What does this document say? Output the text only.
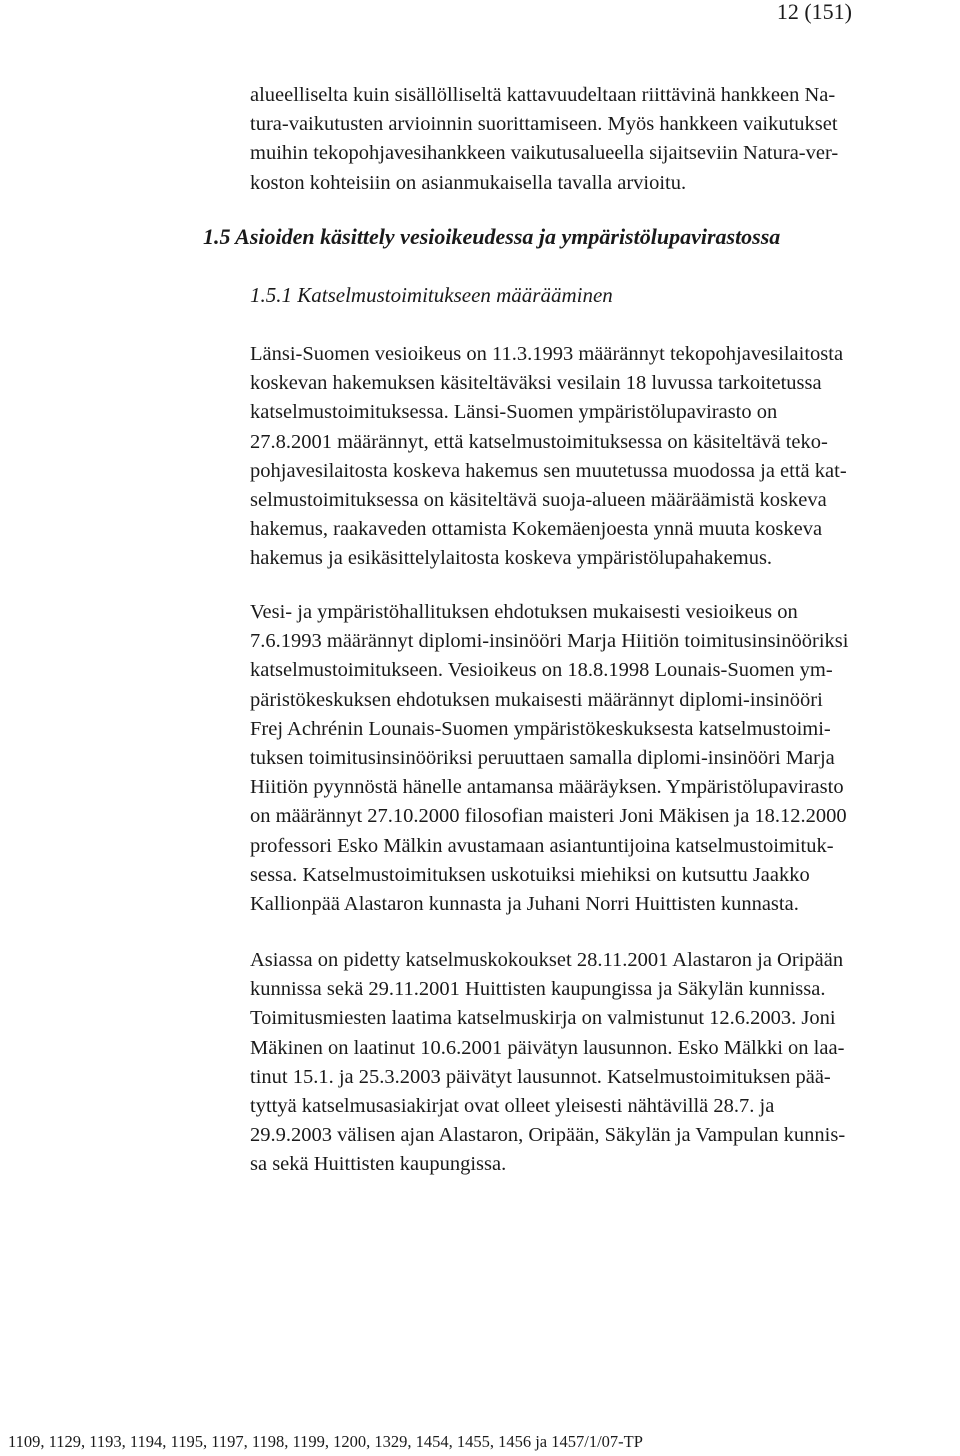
12 (151)

alueelliselta kuin sisällölliseltä kattavuudeltaan riittävinä hankkeen Na-
tura-vaikutusten arvioinnin suorittamiseen. Myös hankkeen vaikutukset
muihin tekopohjavesihankkeen vaikutusalueella sijaitseviin Natura-ver-
koston kohteisiin on asianmukaisella tavalla arvioitu.

1.5 Asioiden käsittely vesioikeudessa ja ympäristölupavirastossa
1.5.1 Katselmustoimitukseen määrääminen

Länsi-Suomen vesioikeus on 11.3.1993 määrännyt tekopohjavesilaitosta
koskevan hakemuksen käsiteltäväksi vesilain 18 luvussa tarkoitetussa
katselmustoimituksessa. Länsi-Suomen ympäristölupavirasto on
27.8.2001 määrännyt, että katselmustoimituksessa on käsiteltävä teko-
pohjavesilaitosta koskeva hakemus sen muutetussa muodossa ja että kat-
selmustoimituksessa on käsiteltävä suoja-alueen määräämistä koskeva
hakemus, raakaveden ottamista Kokemäenjoesta ynnä muuta koskeva
hakemus ja esikäsittelylaitosta koskeva ympäristölupahakemus.

Vesi- ja ympäristöhallituksen ehdotuksen mukaisesti vesioikeus on
7.6.1993 määrännyt diplomi-insinööri Marja Hiitiön toimitusinsinööriksi
katselmustoimitukseen. Vesioikeus on 18.8.1998 Lounais-Suomen ym-
päristökeskuksen ehdotuksen mukaisesti määrännyt diplomi-insinööri
Frej Achrénin Lounais-Suomen ympäristökeskuksesta katselmustoimi-
tuksen toimitusinsinööriksi peruuttaen samalla diplomi-insinööri Marja
Hiitiön pyynnöstä hänelle antamansa määräyksen. Ympäristölupavirasto
on määrännyt 27.10.2000 filosofian maisteri Joni Mäkisen ja 18.12.2000
professori Esko Mälkin avustamaan asiantuntijoina katselmustoimituk-
sessa. Katselmustoimituksen uskotuiksi miehiksi on kutsuttu Jaakko
Kallionpää Alastaron kunnasta ja Juhani Norri Huittisten kunnasta.

Asiassa on pidetty katselmuskokoukset 28.11.2001 Alastaron ja Oripään
kunnissa sekä 29.11.2001 Huittisten kaupungissa ja Säkylän kunnissa.
Toimitusmiesten laatima katselmuskirja on valmistunut 12.6.2003. Joni
Mäkinen on laatinut 10.6.2001 päivätyn lausunnon. Esko Mälkki on laa-
tinut 15.1. ja 25.3.2003 päivätyt lausunnot. Katselmustoimituksen pää-
tyttyä katselmusasiakirjat ovat olleet yleisesti nähtävillä 28.7. ja
29.9.2003 välisen ajan Alastaron, Oripään, Säkylän ja Vampulan kunnis-
sa sekä Huittisten kaupungissa.

1109, 1129, 1193, 1194, 1195, 1197, 1198, 1199, 1200, 1329, 1454, 1455, 1456 ja 1457/1/07-TP
